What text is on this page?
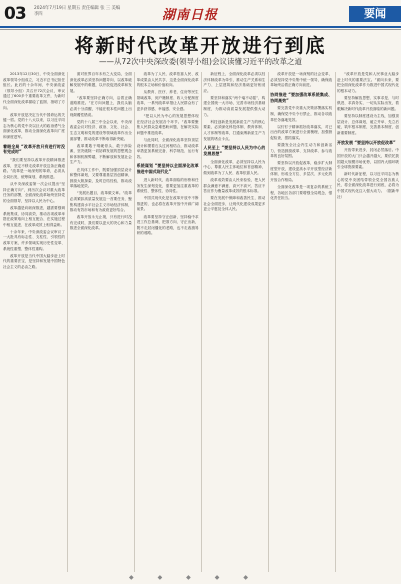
03 2024年7月19日 星期五 责任编辑 张 三 美编 李四	湖南日报	要闻
将新时代改革开放进行到底
——从72次中央深改委(领导小组)会议读懂习近平的改革之道

2013年12月30日，中央全面深化改革领导小组成立，习近平总书记担任组长。此后的十余年间，中央深改委（领导小组）共召开72次会议，审议通过了600多个重要改革文件，为新时代全面深化改革描绘了蓝图、指明了方向。

改革开放是决定当代中国命运的关键一招。党的十八大以来，以习近平同志为核心的党中央以巨大的政治勇气全面深化改革，推动全面深化改革向广度和深度进军。

着眼全局 “改革开放只有进行时没有完成时”

“我们要坚持以改革开放精神推进改革，坚定不移走改革开放这条正确道路。”改革是一场深刻的革命，必须从全局出发，统筹谋划，系统推进。

从中央深改委第一次会议提出“坚持正确方向”，到历次会议对重大改革任务的部署，全面深化改革始终坚持党的全面领导，坚持以人民为中心。

改革越是向纵深推进，越需要强调系统集成、协同高效，推动各项改革举措在政策取向上相互配合、在实施过程中相互促进、在改革成效上相得益彰。

十余年来，中央深改委会议审议了一大批具有标志性、支柱性、引领性的改革方案，许多领域实现历史性变革、系统性重塑、整体性重构。

改革开放是当代中国大踏步赶上时代的重要法宝，是坚持和发展中国特色社会主义的必由之路。

面对世界百年未有之大变局，全面深化改革必须坚持问题导向，以改革破解发展中的难题，以开放促进改革和发展。

“改革要坚持正确方向，沿着正确道路推进。”在方向问题上，我们头脑必须十分清醒，不能在根本性问题上出现颠覆性错误。

党的十八届三中全会以来，中央深改委会议对经济、政治、文化、社会、生态文明和党的建设等领域改革作出全面部署，推动改革不断取得新突破。

改革要敢于啃硬骨头，敢于涉险滩，坚决破除一切妨碍发展的思想观念和体制机制弊端，不断解放和发展社会生产力。

在具体工作中，既要加强顶层设计和整体谋划，又要尊重基层首创精神，鼓励大胆探索，及时总结经验，推动改革落地见效。

“发展出题目，改革做文章。”改革必须紧扣高质量发展这一首要任务，聚焦构建高水平社会主义市场经济体制，推动有效市场和有为政府更好结合。

改革开放永无止境，只有进行时没有完成时，我们要以更大的决心和力量推进全面深化改革。

改革为了人民、改革依靠人民、改革成果由人民共享，这是全面深化改革的根本立场和价值取向。

从教育、医疗、养老、住房等民生领域改革，到户籍制度、收入分配制度改革，一系列改革举措让人民群众有了更多获得感、幸福感、安全感。

“把以人民为中心的发展思想体现在经济社会发展各个环节。”改革要聚焦人民群众急难愁盼问题，在解决实际问题中推进改革。

与此同时，全面深化改革坚持顶层设计和摸着石头过河相结合，推动改革举措更加系统完备、科学规范、运行有效。

系统谋划 “要坚持以全面深化改革推进中国式现代化”

进入新时代，改革面临的形势和任务发生深刻变化，需要更加注重改革的系统性、整体性、协同性。

中国式现代化是在改革开放中不断推进的，也必将在改革开放中开辟广阔前景。

改革要坚持守正创新，坚持稳中求进工作总基调，把准方向、守正出新，既不走封闭僵化的老路，也不走改旗易帜的邪路。

新征程上，全面深化改革必须以经济体制改革为牵引，推动生产关系和生产力、上层建筑和经济基础更好相适应。

要坚持和落实“两个毫不动摇”，构建全国统一大市场，完善市场经济基础制度，为推动高质量发展提供强大动力。

科技创新是发展新质生产力的核心要素，必须深化科技体制、教育体制、人才体制等改革，打通束缚新质生产力发展的堵点卡点。

人民至上 “要坚持以人民为中心的发展思想”

全面深化改革，必须坚持以人民为中心，尊重人民主体地位和首创精神，做到改革为了人民、改革依靠人民。

改革成效要由人民来检验，把人民群众满意不满意、高兴不高兴、答应不答应作为衡量改革成效的根本标准。

要在发展中保障和改善民生，推动社会全面进步，让现代化建设成果更多更公平惠及全体人民。

改革开放是一场深刻的社会变革，必须坚持党中央集中统一领导，确保改革始终沿着正确方向前进。

协同推进 “要加强改革系统集成、协同高效”

要完善党中央重大决策部署落实机制，确保党中央令行禁止，推动各项改革任务落地见效。

以钉钉子精神抓好改革落实，对已出台的改革方案进行全面梳理，加强督促检查，狠抓落实。

要激发全社会内生动力和创新活力，营造鼓励改革、支持改革、参与改革的良好氛围。

要坚持以开放促改革，稳步扩大制度型开放，建设更高水平开放型经济新体制，形成全方位、多层次、多元化的开放合作格局。

全面深化改革是一项复杂的系统工程，各地区各部门要增强全局观念，强化责任担当。

“改革开放是党和人民事业大踏步赶上时代的重要法宝。”面向未来，要把全面深化改革作为推进中国式现代化的根本动力。

要坚持解放思想、实事求是、与时俱进、求真务实，一切从实际出发，着眼解决新时代改革开放面临的新问题。

要坚持以制度建设为主线，加强顶层设计、总体谋划，破立并举、先立后破，筑牢根本制度，完善基本制度，创新重要制度。

开放发展 “要坚持以开放促改革”

开放带来进步，封闭必然落后。中国开放的大门只会越开越大，要依托我国超大规模市场优势，以国内大循环吸引全球资源要素。

新时代新征程，以习近平同志为核心的党中央团结带领全党全国各族人民，将全面深化改革进行到底，必将为中国式现代化注入强大动力。（据新华社）

◆◆◆◆◆
